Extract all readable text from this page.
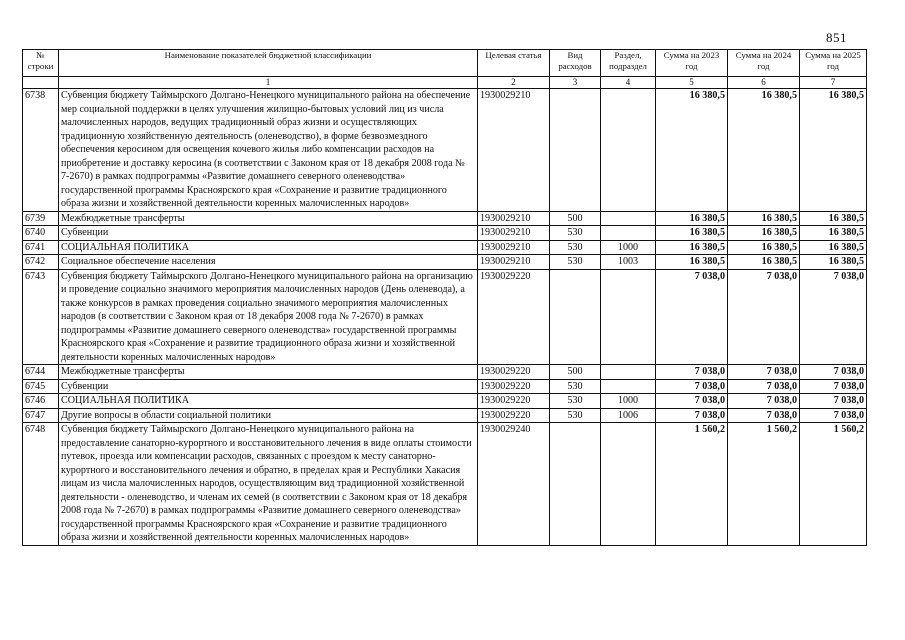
851
№ строки	Наименование показателей бюджетной классификации	Целевая статья	Вид расходов	Раздел, подраздел	Сумма на 2023 год	Сумма на 2024 год	Сумма на 2025 год
	1	2	3	4	5	6	7
6738	Субвенция бюджету Таймырского Долгано-Ненецкого муниципального района на обеспечение мер социальной поддержки в целях улучшения жилищно-бытовых условий лиц из числа малочисленных народов, ведущих традиционный образ жизни и осуществляющих традиционную хозяйственную деятельность (оленеводство), в форме безвозмездного обеспечения керосином для освещения кочевого жилья либо компенсации расходов на приобретение и доставку керосина (в соответствии с Законом края от 18 декабря 2008 года № 7-2670) в рамках подпрограммы «Развитие домашнего северного оленеводства» государственной программы Красноярского края «Сохранение и развитие традиционного образа жизни и хозяйственной деятельности коренных малочисленных народов»	1930029210			16 380,5	16 380,5	16 380,5
6739	Межбюджетные трансферты	1930029210	500		16 380,5	16 380,5	16 380,5
6740	Субвенции	1930029210	530		16 380,5	16 380,5	16 380,5
6741	СОЦИАЛЬНАЯ ПОЛИТИКА	1930029210	530	1000	16 380,5	16 380,5	16 380,5
6742	Социальное обеспечение населения	1930029210	530	1003	16 380,5	16 380,5	16 380,5
6743	Субвенция бюджету Таймырского Долгано-Ненецкого муниципального района на организацию и проведение социально значимого мероприятия малочисленных народов (День оленевода), а также конкурсов в рамках проведения социально значимого мероприятия малочисленных народов (в соответствии с Законом края от 18 декабря 2008 года № 7-2670) в рамках подпрограммы «Развитие домашнего северного оленеводства» государственной программы Красноярского края «Сохранение и развитие традиционного образа жизни и хозяйственной деятельности коренных малочисленных народов»	1930029220			7 038,0	7 038,0	7 038,0
6744	Межбюджетные трансферты	1930029220	500		7 038,0	7 038,0	7 038,0
6745	Субвенции	1930029220	530		7 038,0	7 038,0	7 038,0
6746	СОЦИАЛЬНАЯ ПОЛИТИКА	1930029220	530	1000	7 038,0	7 038,0	7 038,0
6747	Другие вопросы в области социальной политики	1930029220	530	1006	7 038,0	7 038,0	7 038,0
6748	Субвенция бюджету Таймырского Долгано-Ненецкого муниципального района на предоставление санаторно-курортного и восстановительного лечения в виде оплаты стоимости путевок, проезда или компенсации расходов, связанных с проездом к месту санаторно-курортного и восстановительного лечения и обратно, в пределах края и Республики Хакасия лицам из числа малочисленных народов, осуществляющим вид традиционной хозяйственной деятельности - оленеводство, и членам их семей (в соответствии с Законом края от 18 декабря 2008 года № 7-2670) в рамках подпрограммы «Развитие домашнего северного оленеводства» государственной программы Красноярского края «Сохранение и развитие традиционного образа жизни и хозяйственной деятельности коренных малочисленных народов»	1930029240			1 560,2	1 560,2	1 560,2
